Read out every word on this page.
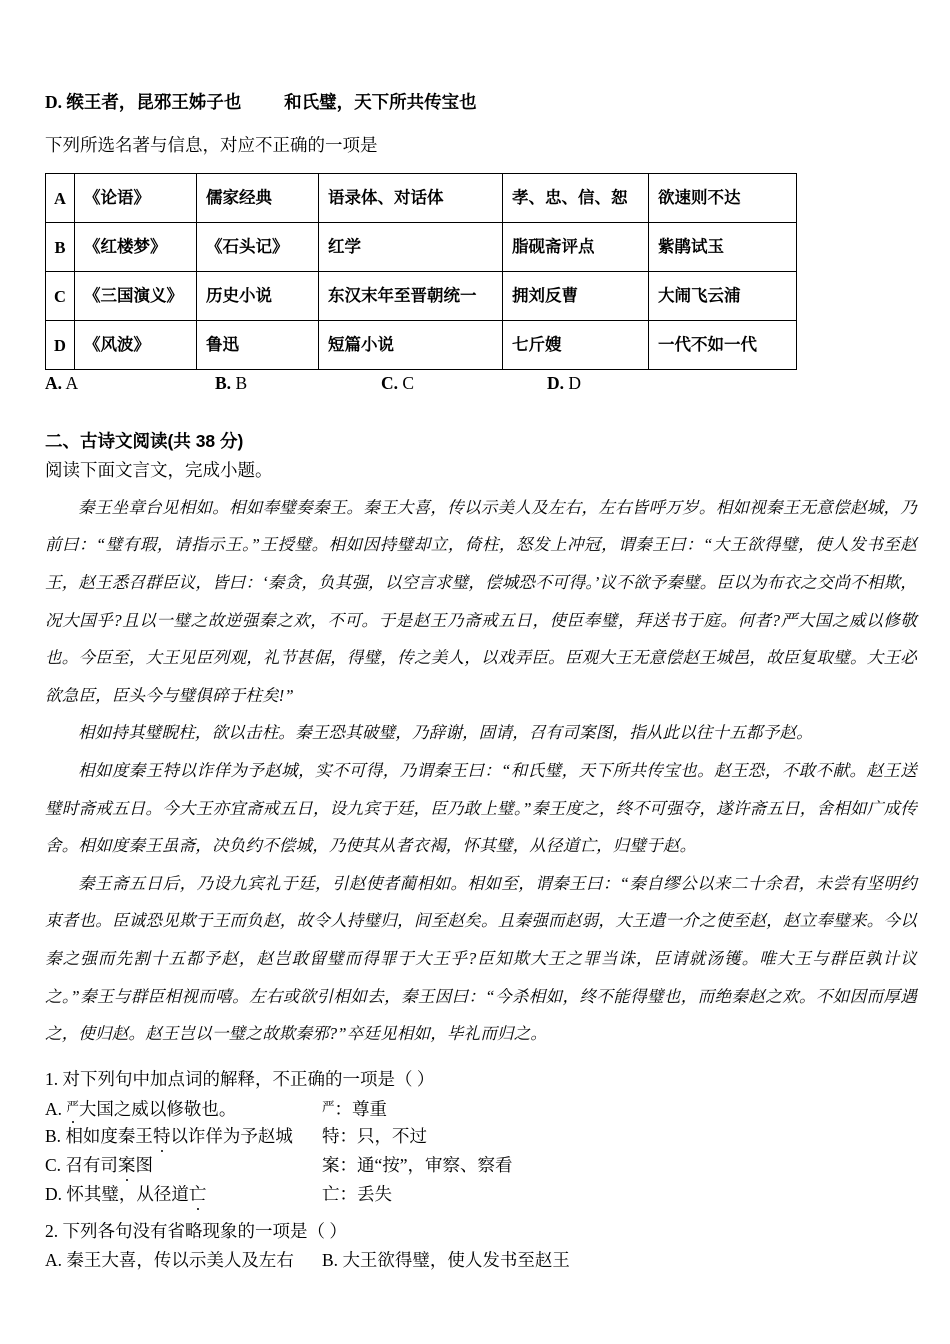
D. 缑王者，昆邪王姊子也 和氏璧，天下所共传宝也
下列所选名著与信息，对应不正确的一项是
A	《论语》	儒家经典	语录体、对话体	孝、忠、信、恕	欲速则不达
B	《红楼梦》	《石头记》	红学	脂砚斋评点	紫鹃试玉
C	《三国演义》	历史小说	东汉末年至晋朝统一	拥刘反曹	大闹飞云浦
D	《风波》	鲁迅	短篇小说	七斤嫂	一代不如一代
A. A	B. B	C. C	D. D
二、古诗文阅读(共 38 分)
阅读下面文言文，完成小题。

秦王坐章台见相如。相如奉璧奏秦王。秦王大喜，传以示美人及左右，左右皆呼万岁。相如视秦王无意偿赵城，乃前曰：“璧有瑕，请指示王。”王授璧。相如因持璧却立，倚柱，怒发上冲冠，谓秦王曰：“大王欲得璧，使人发书至赵王，赵王悉召群臣议，皆曰：‘秦贪，负其强，以空言求璧，偿城恐不可得。’议不欲予秦璧。臣以为布衣之交尚不相欺，况大国乎?且以一璧之故逆强秦之欢，不可。于是赵王乃斋戒五日，使臣奉璧，拜送书于庭。何者?严大国之威以修敬也。今臣至，大王见臣列观，礼节甚倨，得璧，传之美人，以戏弄臣。臣观大王无意偿赵王城邑，故臣复取璧。大王必欲急臣，臣头今与璧俱碎于柱矣!”

相如持其璧睨柱，欲以击柱。秦王恐其破璧，乃辞谢，固请，召有司案图，指从此以往十五都予赵。

相如度秦王特以诈佯为予赵城，实不可得，乃谓秦王曰：“和氏璧，天下所共传宝也。赵王恐，不敢不献。赵王送璧时斋戒五日。今大王亦宜斋戒五日，设九宾于廷，臣乃敢上璧。”秦王度之，终不可强夺，遂许斋五日，舍相如广成传舍。相如度秦王虽斋，决负约不偿城，乃使其从者衣褐，怀其璧，从径道亡，归璧于赵。

秦王斋五日后，乃设九宾礼于廷，引赵使者蔺相如。相如至，谓秦王曰：“秦自缪公以来二十余君，未尝有坚明约束者也。臣诚恐见欺于王而负赵，故令人持璧归，间至赵矣。且秦强而赵弱，大王遣一介之使至赵，赵立奉璧来。今以秦之强而先割十五都予赵，赵岂敢留璧而得罪于大王乎?臣知欺大王之罪当诛，臣请就汤镬。唯大王与群臣孰计议之。”秦王与群臣相视而嘻。左右或欲引相如去，秦王因曰：“今杀相如，终不能得璧也，而绝秦赵之欢。不如因而厚遇之，使归赵。赵王岂以一璧之故欺秦邪?”卒廷见相如，毕礼而归之。

1. 对下列句中加点词的解释，不正确的一项是（ ）
A. 严大国之威以修敬也。	$^严$：尊重
B. 相如度秦王特以诈佯为予赵城 特：只，不过
C. 召有司案图	案：通“按”，审察、察看
D. 怀其璧，从径道亡	亡：丢失
2. 下列各句没有省略现象的一项是（ ）
A. 秦王大喜，传以示美人及左右 B. 大王欲得璧，使人发书至赵王
